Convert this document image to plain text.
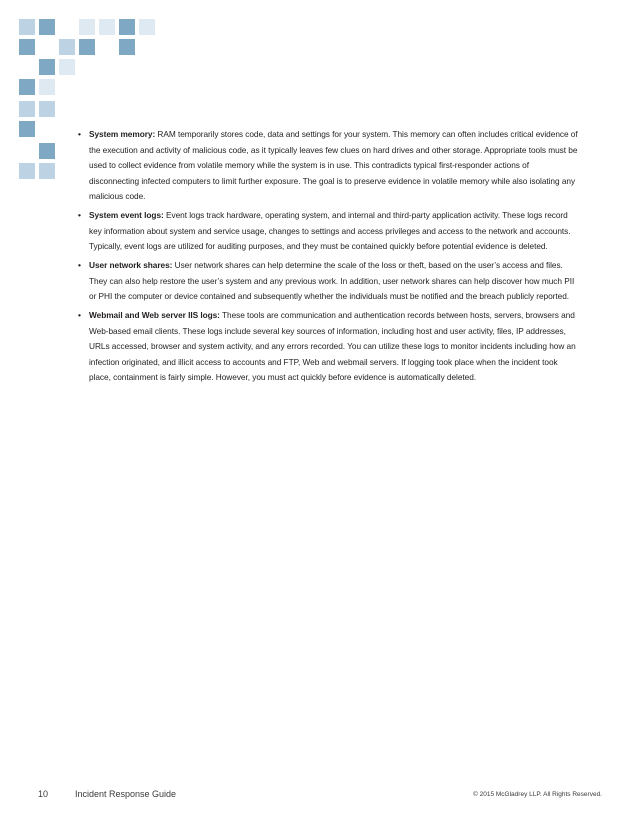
• System memory: RAM temporarily stores code, data and settings for your system. This memory can often includes critical evidence of the execution and activity of malicious code, as it typically leaves few clues on hard drives and other storage. Appropriate tools must be used to collect evidence from volatile memory while the system is in use. This contradicts typical first-responder actions of disconnecting infected computers to limit further exposure. The goal is to preserve evidence in volatile memory while also isolating any malicious code.
• System event logs: Event logs track hardware, operating system, and internal and third-party application activity. These logs record key information about system and service usage, changes to settings and access privileges and access to the network and accounts. Typically, event logs are utilized for auditing purposes, and they must be contained quickly before potential evidence is deleted.
• User network shares: User network shares can help determine the scale of the loss or theft, based on the user’s access and files. They can also help restore the user’s system and any previous work. In addition, user network shares can help discover how much PII or PHI the computer or device contained and subsequently whether the individuals must be notified and the breach publicly reported.
• Webmail and Web server IIS logs: These tools are communication and authentication records between hosts, servers, browsers and Web-based email clients. These logs include several key sources of information, including host and user activity, files, IP addresses, URLs accessed, browser and system activity, and any errors recorded. You can utilize these logs to monitor incidents including how an infection originated, and illicit access to accounts and FTP, Web and webmail servers. If logging took place when the incident took place, containment is fairly simple. However, you must act quickly before evidence is automatically deleted.
10	Incident Response Guide	© 2015 McGladrey LLP. All Rights Reserved.
